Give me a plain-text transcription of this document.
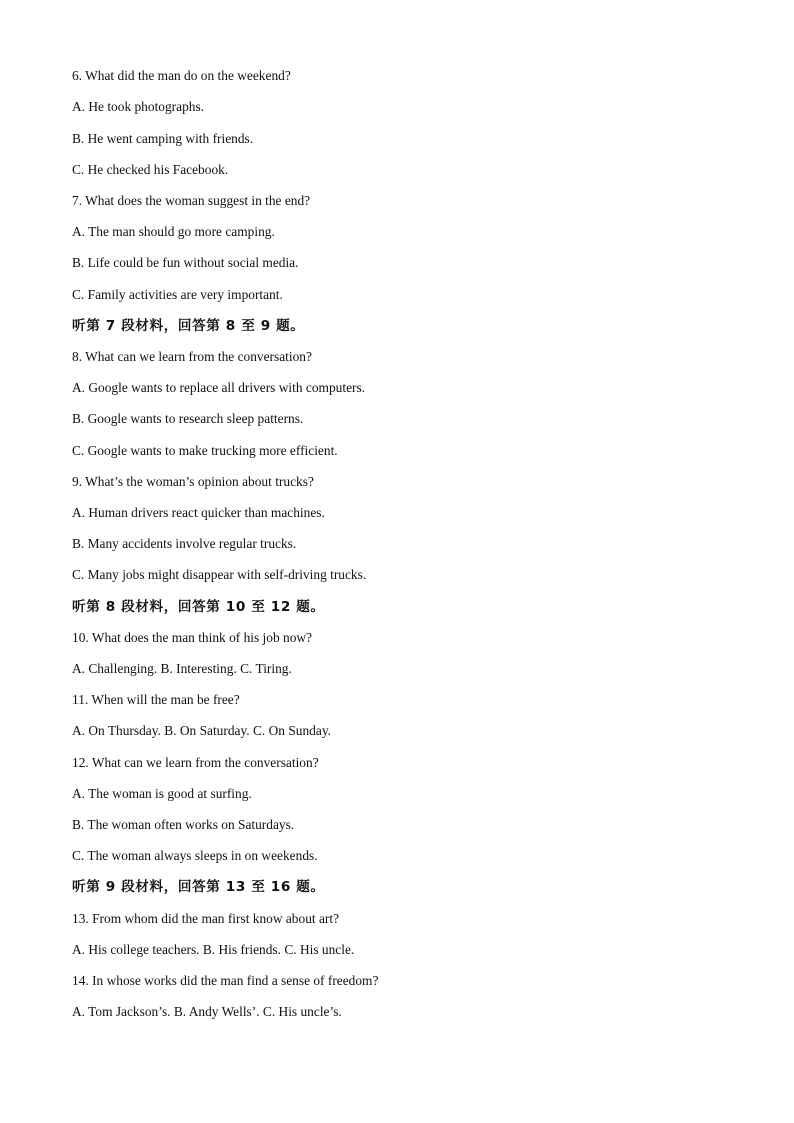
6. What did the man do on the weekend?
A. He took photographs.
B. He went camping with friends.
C. He checked his Facebook.
7. What does the woman suggest in the end?
A. The man should go more camping.
B. Life could be fun without social media.
C. Family activities are very important.
听第 7 段材料，回答第 8 至 9 题。
8. What can we learn from the conversation?
A. Google wants to replace all drivers with computers.
B. Google wants to research sleep patterns.
C. Google wants to make trucking more efficient.
9. What’s the woman’s opinion about trucks?
A. Human drivers react quicker than machines.
B. Many accidents involve regular trucks.
C. Many jobs might disappear with self-driving trucks.
听第 8 段材料，回答第 10 至 12 题。
10. What does the man think of his job now?
A. Challenging. B. Interesting. C. Tiring.
11. When will the man be free?
A. On Thursday. B. On Saturday. C. On Sunday.
12. What can we learn from the conversation?
A. The woman is good at surfing.
B. The woman often works on Saturdays.
C. The woman always sleeps in on weekends.
听第 9 段材料，回答第 13 至 16 题。
13. From whom did the man first know about art?
A. His college teachers. B. His friends. C. His uncle.
14. In whose works did the man find a sense of freedom?
A. Tom Jackson’s. B. Andy Wells’. C. His uncle’s.
